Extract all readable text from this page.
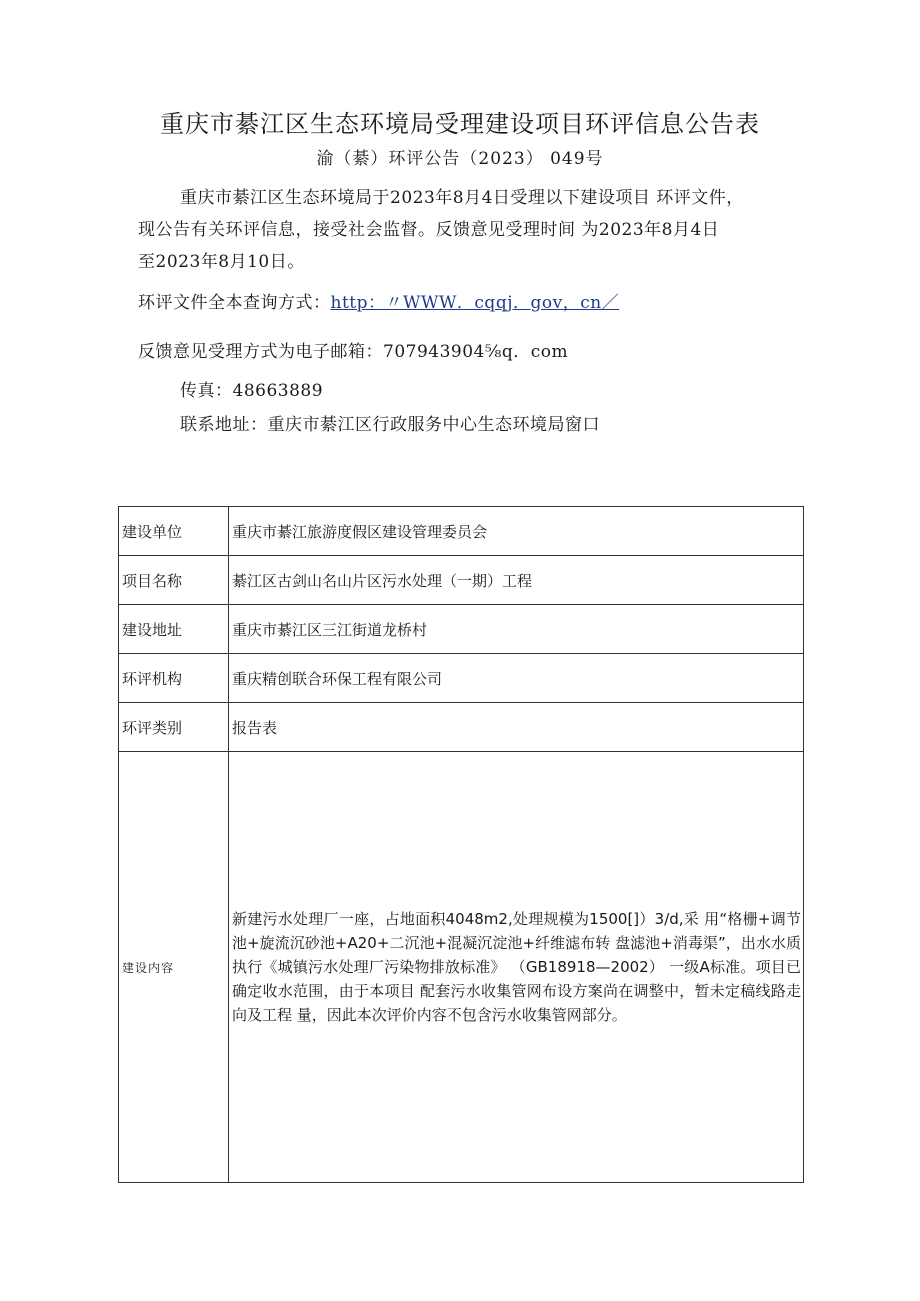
重庆市綦江区生态环境局受理建设项目环评信息公告表
渝（綦）环评公告（2023） 049号
重庆市綦江区生态环境局于2023年8月4日受理以下建设项目 环评文件，
现公告有关环评信息，接受社会监督。反馈意见受理时间 为2023年8月4日
至2023年8月10日。
环评文件全本查询方式：http：〃WWW．cqqj．gov，cn／
反馈意见受理方式为电子邮箱：707943904⅝q．com
传真：48663889
联系地址：重庆市綦江区行政服务中心生态环境局窗口
建设单位	重庆市綦江旅游度假区建设管理委员会
项目名称	綦江区古剑山名山片区污水处理（一期）工程
建设地址	重庆市綦江区三江街道龙桥村
环评机构	重庆精创联合环保工程有限公司
环评类别	报告表
建设内容	新建污水处理厂一座，占地面积4048m2,处理规模为1500[]）3/d,采 用“格栅+调节池+旋流沉砂池+A20+二沉池+混凝沉淀池+纤维滤布转 盘滤池+消毒渠”，出水水质执行《城镇污水处理厂污染物排放标准》 （GB18918—2002） 一级A标准。项目已确定收水范围，由于本项目 配套污水收集管网布设方案尚在调整中，暂未定稿线路走向及工程 量，因此本次评价内容不包含污水收集管网部分。
